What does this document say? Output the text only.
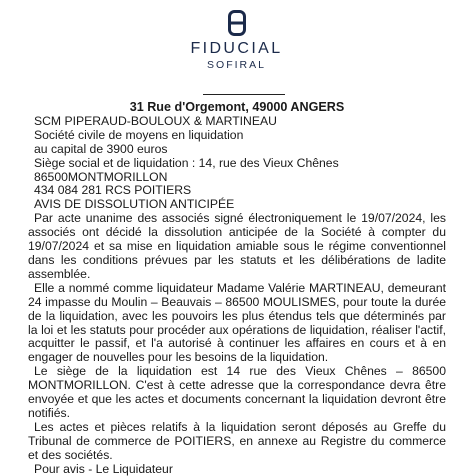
FIDUCIAL
SOFIRAL
31 Rue d'Orgemont, 49000 ANGERS
SCM PIPERAUD-BOULOUX & MARTINEAU
Société civile de moyens en liquidation
au capital de 3900 euros
Siège social et de liquidation : 14, rue des Vieux Chênes
86500MONTMORILLON
434 084 281 RCS POITIERS
AVIS DE DISSOLUTION ANTICIPÉE

Par acte unanime des associés signé électroniquement le 19/07/2024, les associés ont décidé la dissolution anticipée de la Société à compter du 19/07/2024 et sa mise en liquidation amiable sous le régime conventionnel dans les conditions prévues par les statuts et les délibérations de ladite assemblée.

Elle a nommé comme liquidateur Madame Valérie MARTINEAU, demeurant 24 impasse du Moulin – Beauvais – 86500 MOULISMES, pour toute la durée de la liquidation, avec les pouvoirs les plus étendus tels que déterminés par la loi et les statuts pour procéder aux opérations de liquidation, réaliser l'actif, acquitter le passif, et l'a autorisé à continuer les affaires en cours et à en engager de nouvelles pour les besoins de la liquidation.

Le siège de la liquidation est 14 rue des Vieux Chênes – 86500 MONTMORILLON. C'est à cette adresse que la correspondance devra être envoyée et que les actes et documents concernant la liquidation devront être notifiés.

Les actes et pièces relatifs à la liquidation seront déposés au Greffe du Tribunal de commerce de POITIERS, en annexe au Registre du commerce et des sociétés.

Pour avis - Le Liquidateur
